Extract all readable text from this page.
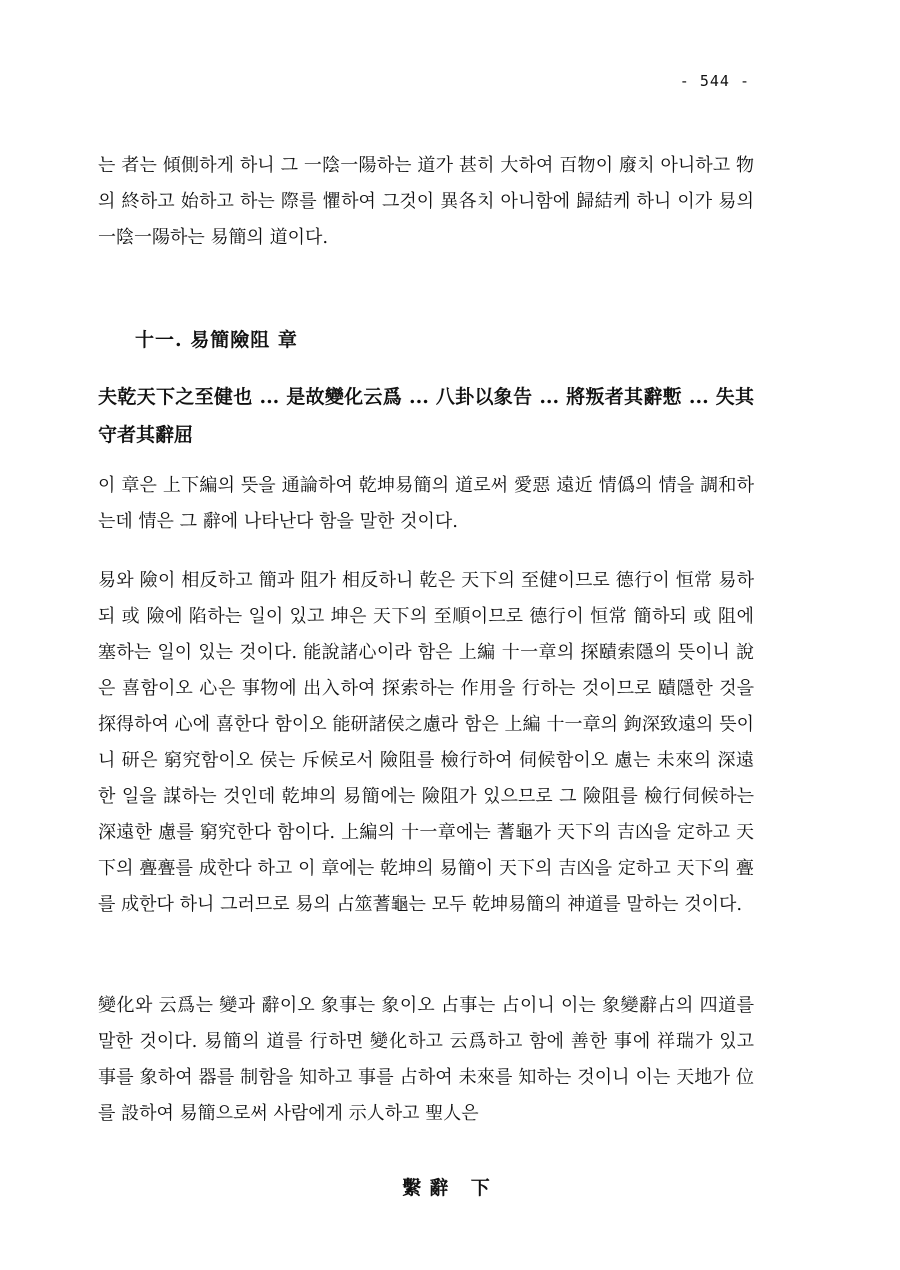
- 544 -

는 者는 傾側하게 하니 그 一陰一陽하는 道가 甚히 大하여 百物이 廢치 아니하고 物의 終하고 始하고 하는 際를 懼하여 그것이 異各치 아니함에 歸結케 하니 이가 易의 一陰一陽하는 易簡의 道이다.

十一. 易簡險阻 章

夫乾天下之至健也 ... 是故變化云爲 ... 八卦以象告 ... 將叛者其辭慙 ... 失其守者其辭屈

이 章은 上下編의 뜻을 通論하여 乾坤易簡의 道로써 愛惡 遠近 情僞의 情을 調和하는데 情은 그 辭에 나타난다 함을 말한 것이다.

易와 險이 相反하고 簡과 阻가 相反하니 乾은 天下의 至健이므로 德行이 恒常 易하되 或 險에 陷하는 일이 있고 坤은 天下의 至順이므로 德行이 恒常 簡하되 或 阻에 塞하는 일이 있는 것이다. 能說諸心이라 함은 上編 十一章의 探賾索隱의 뜻이니 說은 喜함이오 心은 事物에 出入하여 探索하는 作用을 行하는 것이므로 賾隱한 것을 探得하여 心에 喜한다 함이오 能研諸侯之慮라 함은 上編 十一章의 鉤深致遠의 뜻이니 研은 窮究함이오 侯는 斥候로서 險阻를 檢行하여 伺候함이오 慮는 未來의 深遠한 일을 謀하는 것인데 乾坤의 易簡에는 險阻가 있으므로 그 險阻를 檢行伺候하는 深遠한 慮를 窮究한다 함이다. 上編의 十一章에는 蓍龜가 天下의 吉凶을 定하고 天下의 亹亹를 成한다 하고 이 章에는 乾坤의 易簡이 天下의 吉凶을 定하고 天下의 亹를 成한다 하니 그러므로 易의 占筮蓍龜는 모두 乾坤易簡의 神道를 말하는 것이다.

變化와 云爲는 變과 辭이오 象事는 象이오 占事는 占이니 이는 象變辭占의 四道를 말한 것이다. 易簡의 道를 行하면 變化하고 云爲하고 함에 善한 事에 祥瑞가 있고 事를 象하여 器를 制함을 知하고 事를 占하여 未來를 知하는 것이니 이는 天地가 位를 設하여 易簡으로써 사람에게 示人하고 聖人은

繫辭 下
